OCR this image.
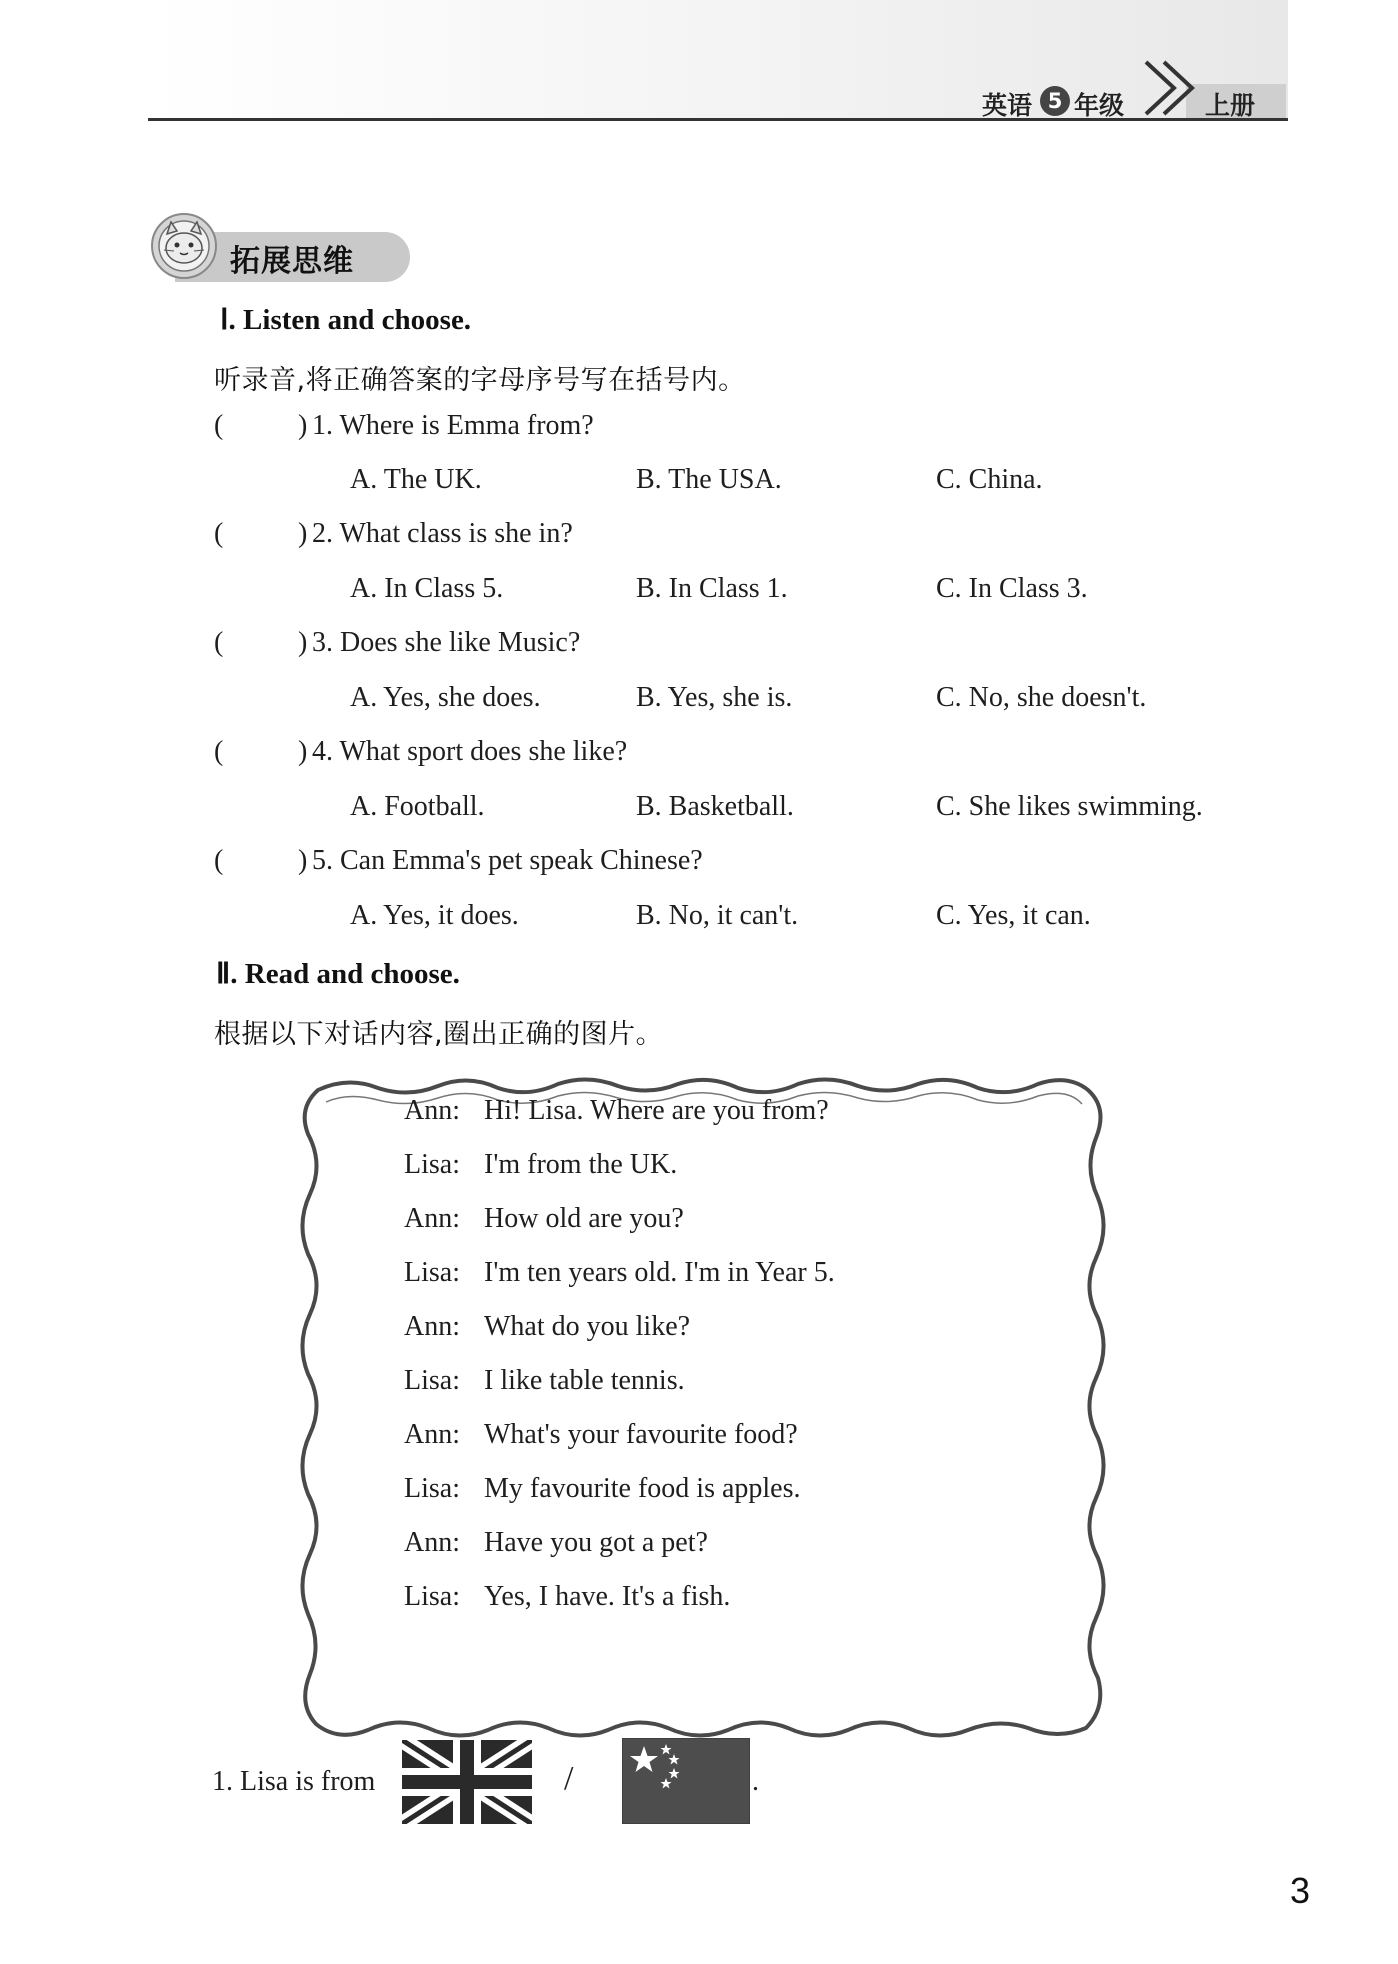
英语 5 年级	上册
拓展思维
Ⅰ. Listen and choose.
听录音,将正确答案的字母序号写在括号内。
(	) 1. Where is Emma from?
A. The UK.	B. The USA.	C. China.
(	) 2. What class is she in?
A. In Class 5.	B. In Class 1.	C. In Class 3.
(	) 3. Does she like Music?
A. Yes, she does.	B. Yes, she is.	C. No, she doesn't.
(	) 4. What sport does she like?
A. Football.	B. Basketball.	C. She likes swimming.
(	) 5. Can Emma's pet speak Chinese?
A. Yes, it does.	B. No, it can't.	C. Yes, it can.
Ⅱ. Read and choose.
根据以下对话内容,圈出正确的图片。
Ann: Hi! Lisa. Where are you from?
Lisa: I'm from the UK.
Ann: How old are you?
Lisa: I'm ten years old. I'm in Year 5.
Ann: What do you like?
Lisa: I like table tennis.
Ann: What's your favourite food?
Lisa: My favourite food is apples.
Ann: Have you got a pet?
Lisa: Yes, I have. It's a fish.
1. Lisa is from	/	.
3
